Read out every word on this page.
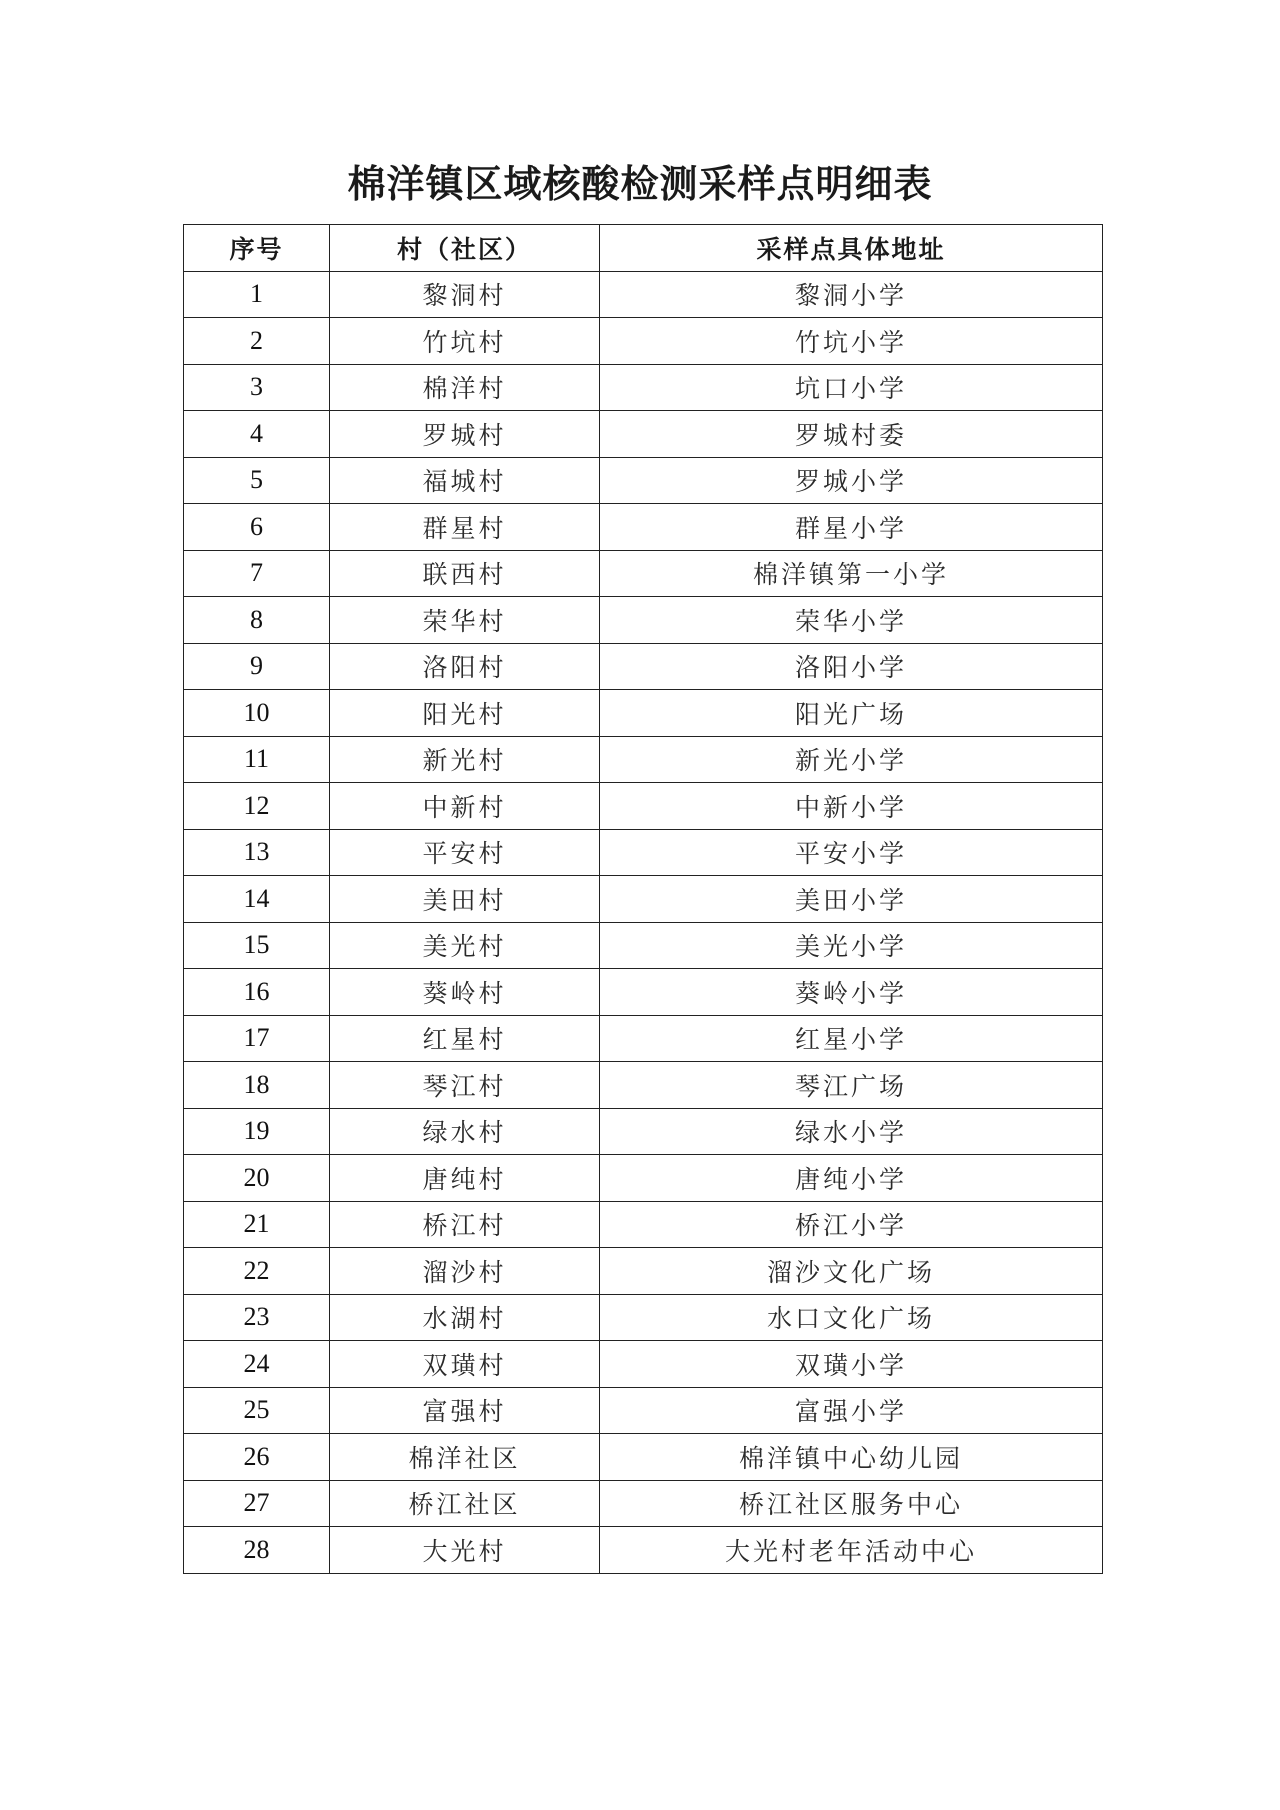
棉洋镇区域核酸检测采样点明细表
序号	村（社区）	采样点具体地址
1	黎洞村	黎洞小学
2	竹坑村	竹坑小学
3	棉洋村	坑口小学
4	罗城村	罗城村委
5	福城村	罗城小学
6	群星村	群星小学
7	联西村	棉洋镇第一小学
8	荣华村	荣华小学
9	洛阳村	洛阳小学
10	阳光村	阳光广场
11	新光村	新光小学
12	中新村	中新小学
13	平安村	平安小学
14	美田村	美田小学
15	美光村	美光小学
16	葵岭村	葵岭小学
17	红星村	红星小学
18	琴江村	琴江广场
19	绿水村	绿水小学
20	唐纯村	唐纯小学
21	桥江村	桥江小学
22	溜沙村	溜沙文化广场
23	水湖村	水口文化广场
24	双璜村	双璜小学
25	富强村	富强小学
26	棉洋社区	棉洋镇中心幼儿园
27	桥江社区	桥江社区服务中心
28	大光村	大光村老年活动中心
